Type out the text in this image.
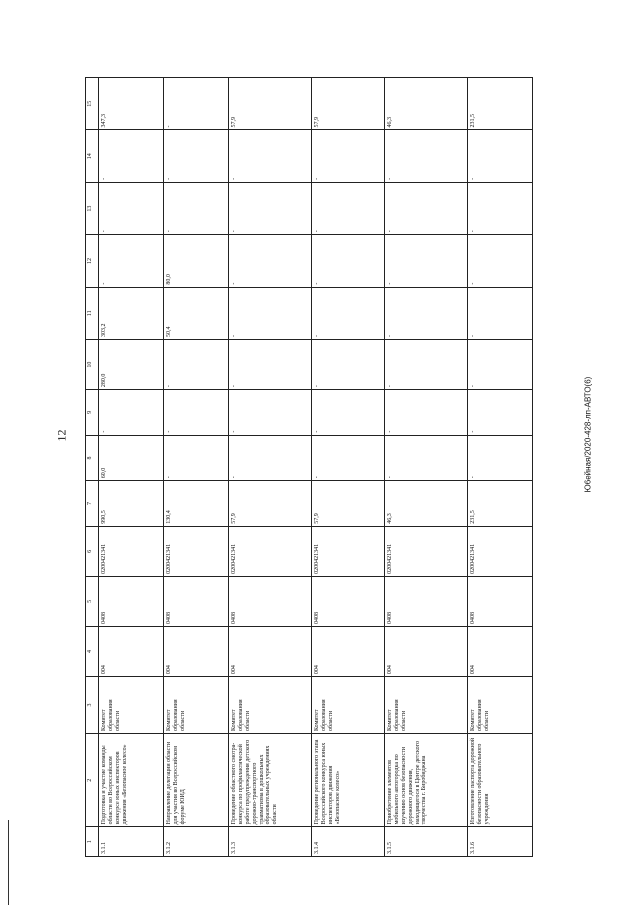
12	Ю6ейная/2020-428-лп-АВТО(6)
1	2	3	4	5	6	7	8	9	10	11	12	13	14	15
3.1.1	Подготовка и участие команды области во Всероссийском конкурсе юных инспекторов движения «Безопасное колесо»	Комитет образования области	004	0408	0200421341	990,5	60,0	-	280,0	303,2	-	-	-	347,3
3.1.2	Направление делегации области для участия во Всероссийском форуме ЮИД	Комитет образования области	004	0408	0200421341	130,4	-	-	-	50,4	80,0	-	-	-
3.1.3	Проведение областного смотра-конкурса по профилактической работе предупреждения детского дорожно-транспортного травматизма в дошкольных образовательных учреждениях области	Комитет образования области	004	0408	0200421341	57,9	-	-	-	-	-	-	-	57,9
3.1.4	Проведение регионального этапа Всероссийского конкурса юных инспекторов движения «Безопасное колесо»	Комитет образования области	004	0408	0200421341	57,9	-	-	-	-	-	-	-	57,9
3.1.5	Приобретение элементов мобильного автогородка по изучению основ безопасности дорожного движения, находящегося в Центре детского творчества г. Биробиджана	Комитет образования области	004	0408	0200421341	46,3	-	-	-	-	-	-	-	46,3
3.1.6	Изготовление паспорта дорожной безопасности образовательного учреждения	Комитет образования области	004	0408	0200421341	231,5	-	-	-	-	-	-	-	231,5
